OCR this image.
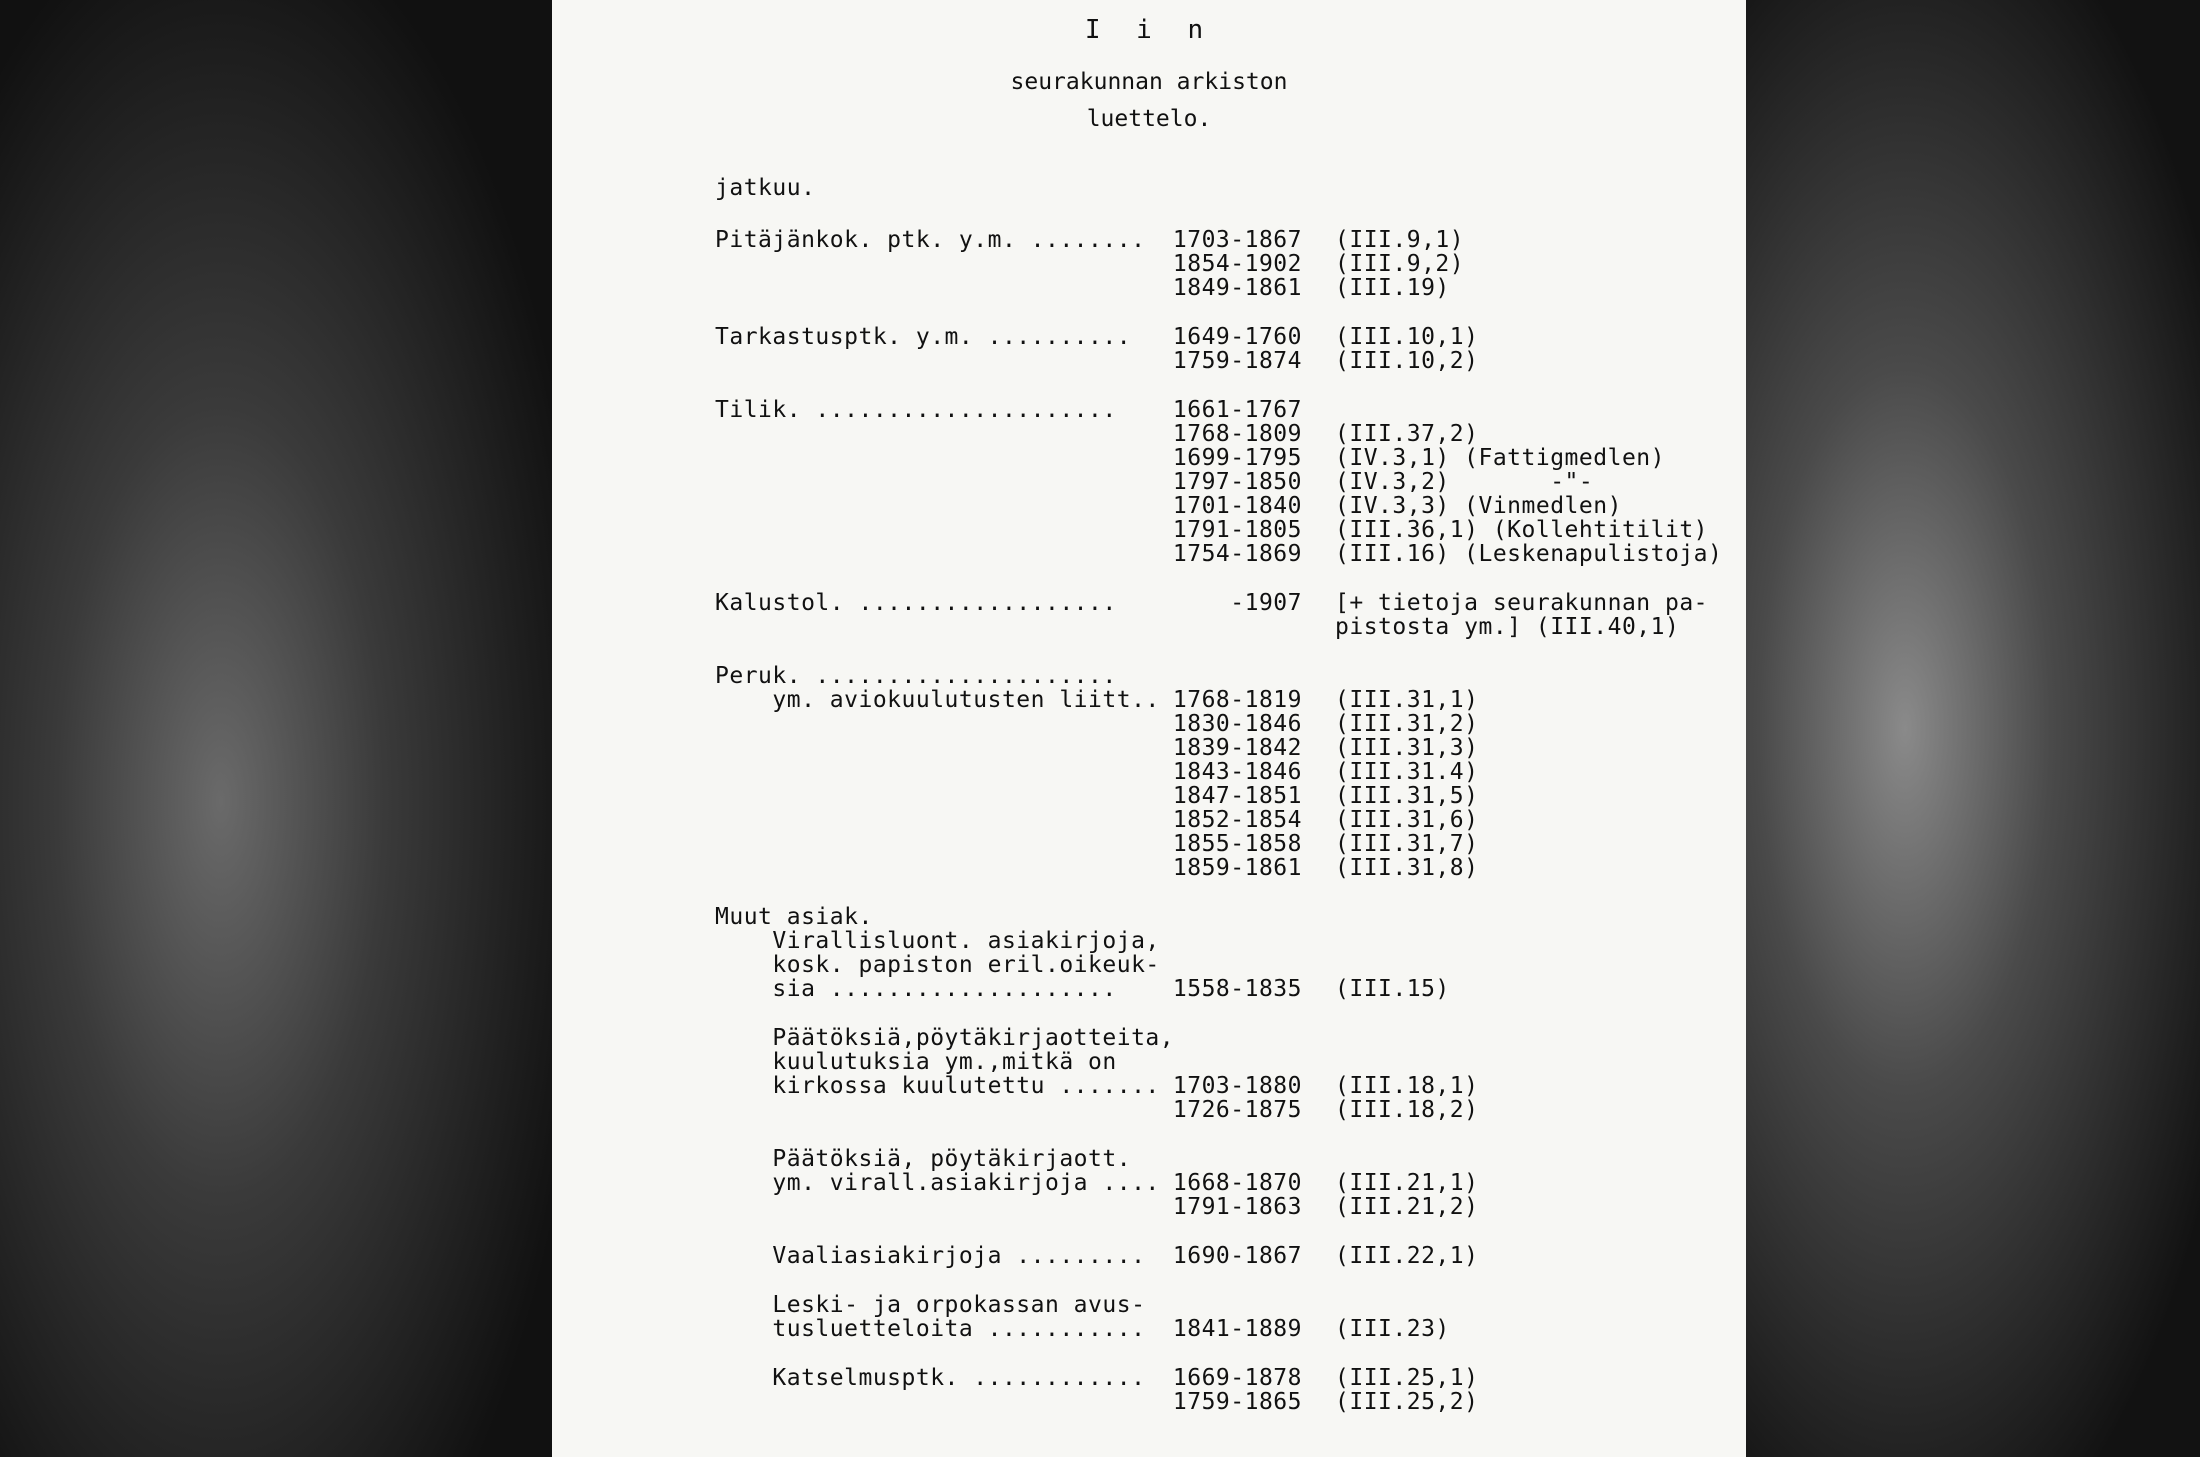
I i n
seurakunnan arkiston
luettelo.
jatkuu.
Pitäjänkok. ptk. y.m. ........	1703-1867 (III.9,1)
1854-1902 (III.9,2)
1849-1861 (III.19)
Tarkastusptk. y.m. ..........	1649-1760 (III.10,1)
1759-1874 (III.10,2)
Tilik. .....................	1661-1767
1768-1809 (III.37,2)
1699-1795 (IV.3,1) (Fattigmedlen)
1797-1850 (IV.3,2)       -"-
1701-1840 (IV.3,3) (Vinmedlen)
1791-1805 (III.36,1) (Kollehtitilit)
1754-1869 (III.16) (Leskenapulistoja)
Kalustol. ..................	-1907 [+ tietoja seurakunnan pa-
pistosta ym.] (III.40,1)
Peruk. .....................
ym. aviokuulutusten liitt.. 1768-1819 (III.31,1)
1830-1846 (III.31,2)
1839-1842 (III.31,3)
1843-1846 (III.31.4)
1847-1851 (III.31,5)
1852-1854 (III.31,6)
1855-1858 (III.31,7)
1859-1861 (III.31,8)
Muut asiak.
Virallisluont. asiakirjoja,
kosk. papiston eril.oikeuk-
sia ....................	1558-1835 (III.15)
Päätöksiä,pöytäkirjaotteita,
kuulutuksia ym.,mitkä on
kirkossa kuulutettu ....... 1703-1880 (III.18,1)
1726-1875 (III.18,2)
Päätöksiä, pöytäkirjaott.
ym. virall.asiakirjoja .... 1668-1870 (III.21,1)
1791-1863 (III.21,2)
Vaaliasiakirjoja .........	1690-1867 (III.22,1)
Leski- ja orpokassan avus-
tusluetteloita ...........	1841-1889 (III.23)
Katselmusptk. ............	1669-1878 (III.25,1)
1759-1865 (III.25,2)
